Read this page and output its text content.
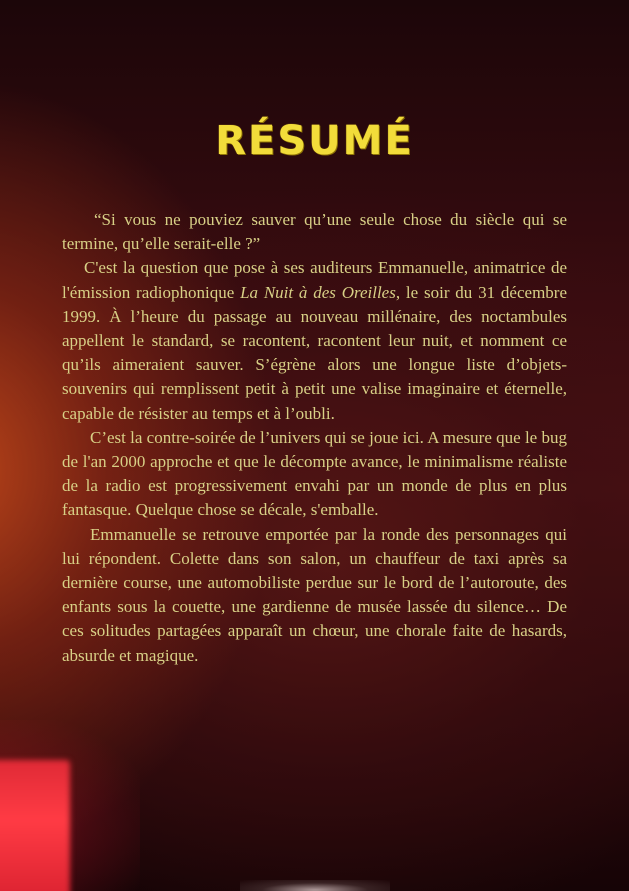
RÉSUMÉ

“Si vous ne pouviez sauver qu’une seule chose du siècle qui se termine, qu’elle serait-elle ?”

C'est la question que pose à ses auditeurs Emmanuelle, animatrice de l'émission radiophonique La Nuit à des Oreilles, le soir du 31 décembre 1999. À l’heure du passage au nouveau millénaire, des noctambules appellent le standard, se racontent, racontent leur nuit, et nomment ce qu’ils aimeraient sauver. S’égrène alors une longue liste d’objets-souvenirs qui remplissent petit à petit une valise imaginaire et éternelle, capable de résister au temps et à l’oubli.

C’est la contre-soirée de l’univers qui se joue ici. A mesure que le bug de l'an 2000 approche et que le décompte avance, le minimalisme réaliste de la radio est progressivement envahi par un monde de plus en plus fantasque. Quelque chose se décale, s'emballe.

Emmanuelle se retrouve emportée par la ronde des personnages qui lui répondent. Colette dans son salon, un chauffeur de taxi après sa dernière course, une automobiliste perdue sur le bord de l’autoroute, des enfants sous la couette, une gardienne de musée lassée du silence… De ces solitudes partagées apparaît un chœur, une chorale faite de hasards, absurde et magique.
